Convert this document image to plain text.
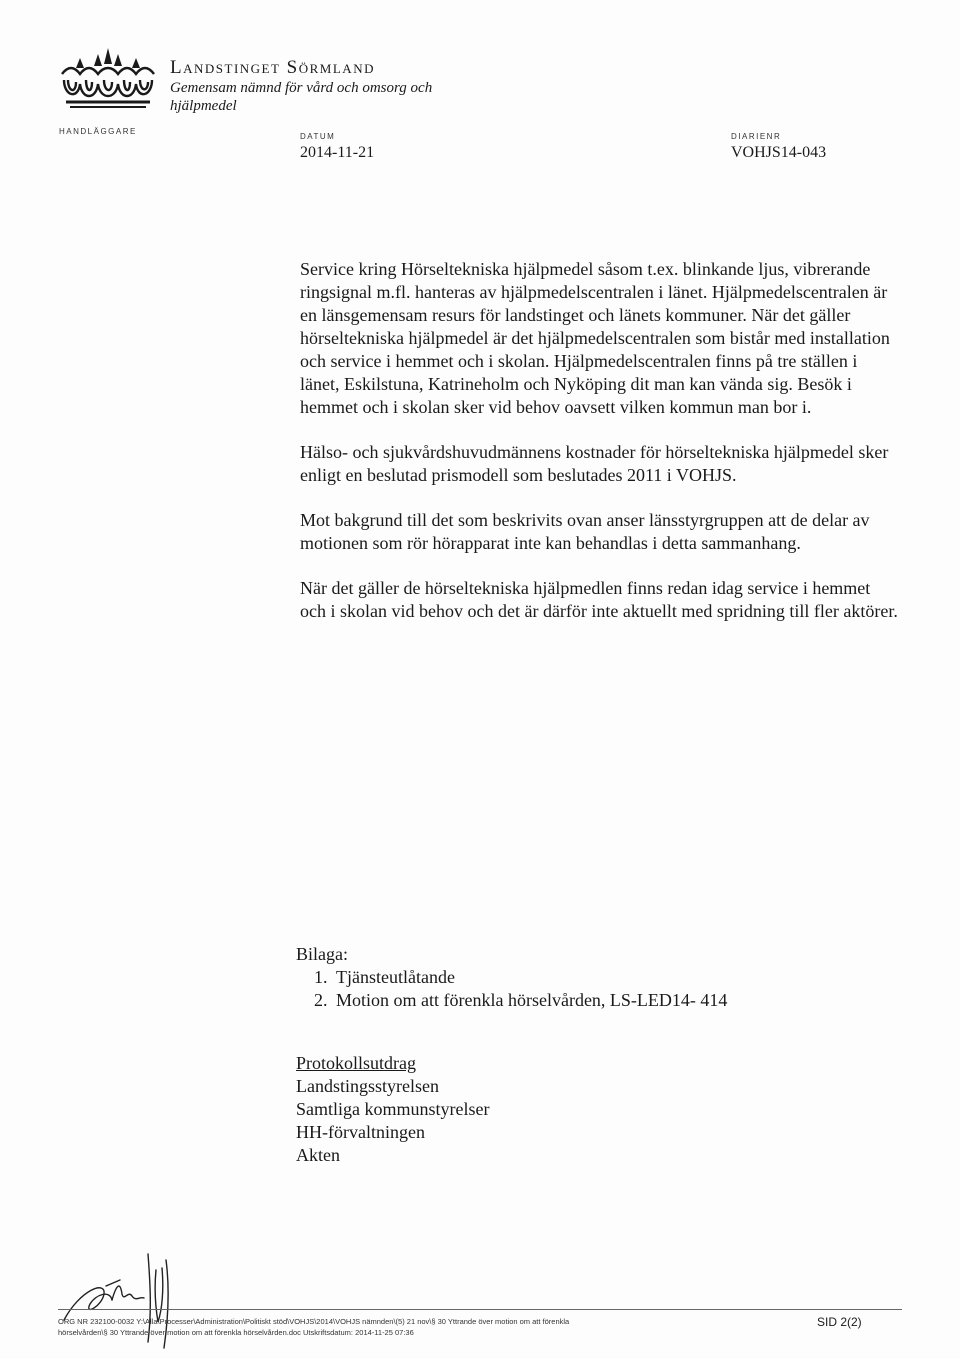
Landstinget Sörmland
Gemensam nämnd för vård och omsorg och hjälpmedel
HANDLÄGGARE
DATUM
2014-11-21
DIARIENR
VOHJS14-043

Service kring Hörseltekniska hjälpmedel såsom t.ex. blinkande ljus, vibrerande ringsignal m.fl. hanteras av hjälpmedelscentralen i länet. Hjälpmedelscentralen är en länsgemensam resurs för landstinget och länets kommuner. När det gäller hörseltekniska hjälpmedel är det hjälpmedelscentralen som bistår med installation och service i hemmet och i skolan. Hjälpmedelscentralen finns på tre ställen i länet, Eskilstuna, Katrineholm och Nyköping dit man kan vända sig. Besök i hemmet och i skolan sker vid behov oavsett vilken kommun man bor i.

Hälso- och sjukvårdshuvudmännens kostnader för hörseltekniska hjälpmedel sker enligt en beslutad prismodell som beslutades 2011 i VOHJS.

Mot bakgrund till det som beskrivits ovan anser länsstyrgruppen att de delar av motionen som rör hörapparat inte kan behandlas i detta sammanhang.

När det gäller de hörseltekniska hjälpmedlen finns redan idag service i hemmet och i skolan vid behov och det är därför inte aktuellt med spridning till fler aktörer.

Bilaga:
1. Tjänsteutlåtande
2. Motion om att förenkla hörselvården, LS-LED14- 414
Protokollsutdrag
Landstingsstyrelsen
Samtliga kommunstyrelser
HH-förvaltningen
Akten
ORG NR 232100-0032 Y:\Alla\Processer\Administration\Politiskt stöd\VOHJS\2014\VOHJS nämnden\(5) 21 nov\§ 30 Yttrande över motion om att förenkla
hörselvården\§ 30 Yttrande över motion om att förenkla hörselvården.doc Utskriftsdatum: 2014-11-25 07:36
SID 2(2)
